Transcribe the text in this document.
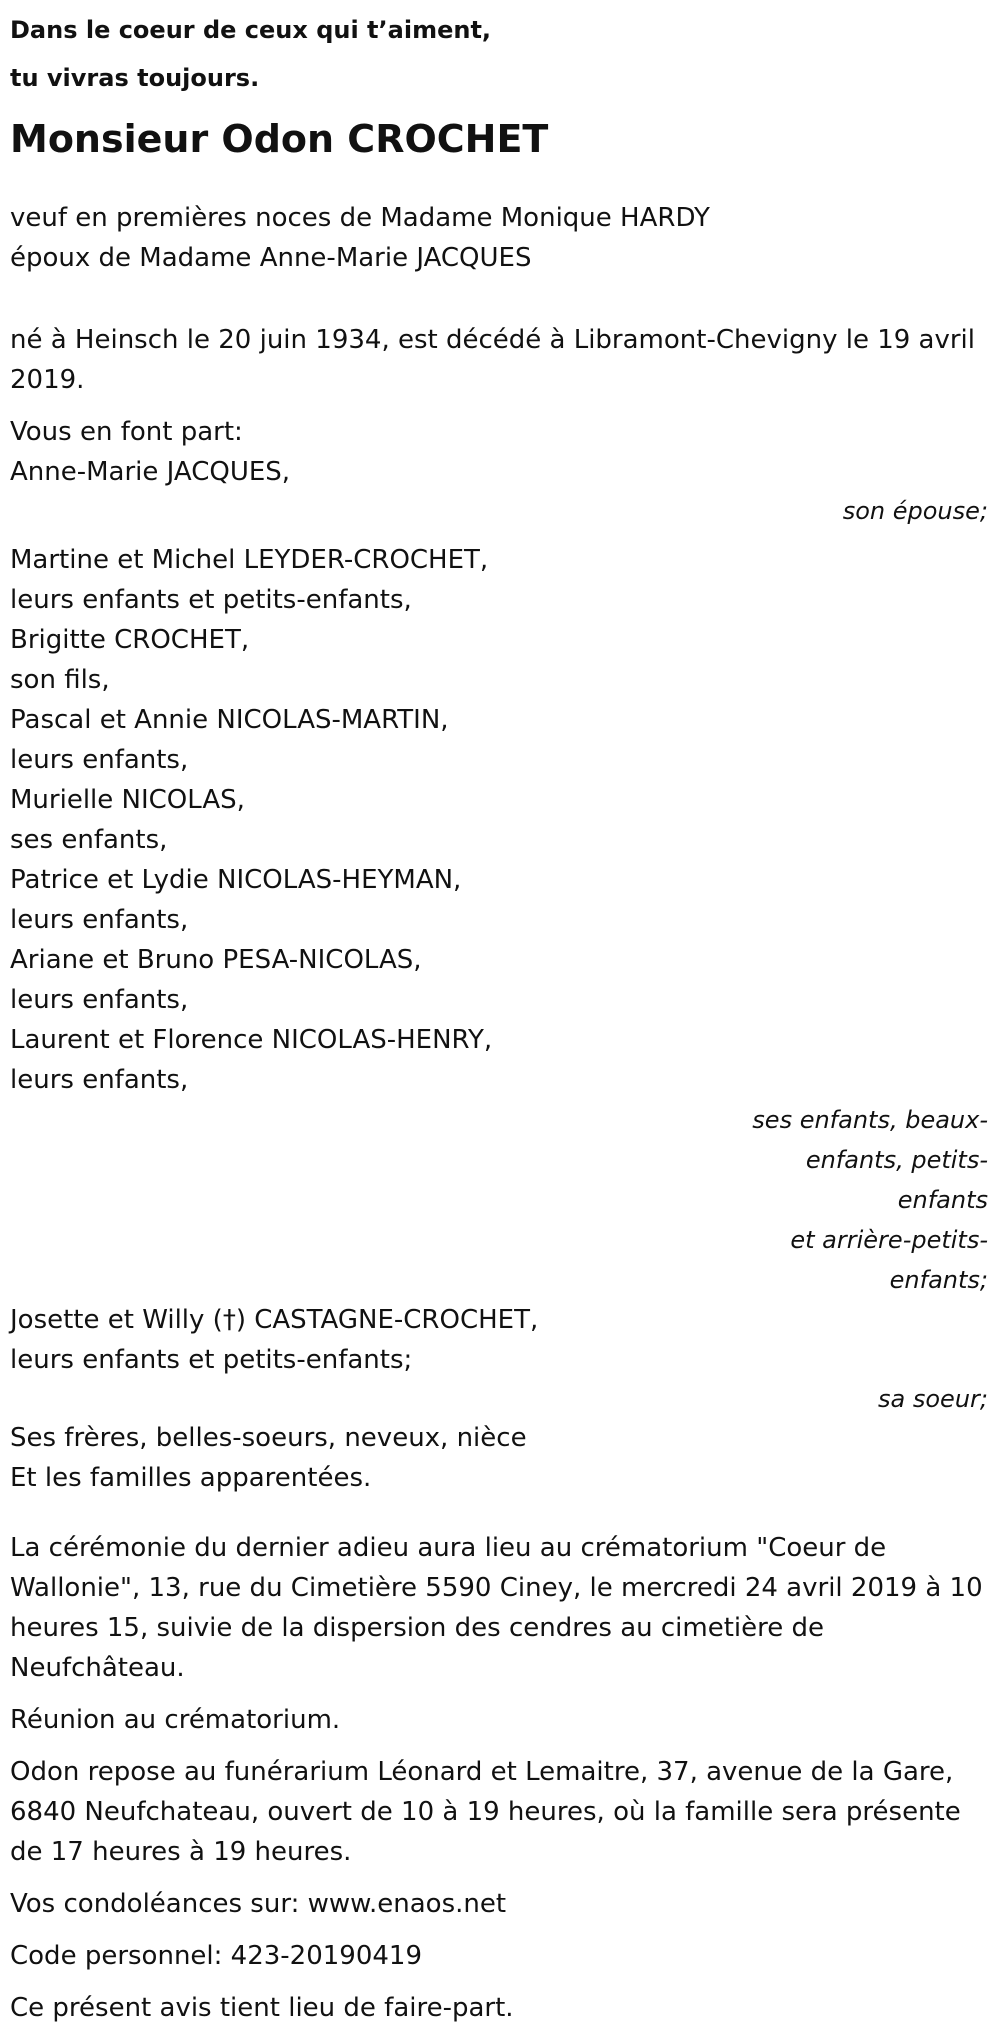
Dans le coeur de ceux qui t’aiment,
tu vivras toujours.
Monsieur Odon CROCHET
veuf en premières noces de Madame Monique HARDY
époux de Madame Anne-Marie JACQUES
né à Heinsch le 20 juin 1934, est décédé à Libramont-Chevigny le 19 avril 2019.
Vous en font part:
Anne-Marie JACQUES,
son épouse;
Martine et Michel LEYDER-CROCHET,
leurs enfants et petits-enfants,
Brigitte CROCHET,
son fils,
Pascal et Annie NICOLAS-MARTIN,
leurs enfants,
Murielle NICOLAS,
ses enfants,
Patrice et Lydie NICOLAS-HEYMAN,
leurs enfants,
Ariane et Bruno PESA-NICOLAS,
leurs enfants,
Laurent et Florence NICOLAS-HENRY,
leurs enfants,
ses enfants, beaux-enfants, petits-enfants
et arrière-petits-enfants;
Josette et Willy (†) CASTAGNE-CROCHET,
leurs enfants et petits-enfants;
sa soeur;
Ses frères, belles-soeurs, neveux, nièce
Et les familles apparentées.
La cérémonie du dernier adieu aura lieu au crématorium "Coeur de Wallonie", 13, rue du Cimetière 5590 Ciney, le mercredi 24 avril 2019 à 10 heures 15, suivie de la dispersion des cendres au cimetière de Neufchâteau.
Réunion au crématorium.
Odon repose au funérarium Léonard et Lemaitre, 37, avenue de la Gare, 6840 Neufchateau, ouvert de 10 à 19 heures, où la famille sera présente de 17 heures à 19 heures.
Vos condoléances sur: www.enaos.net
Code personnel: 423-20190419
Ce présent avis tient lieu de faire-part.
